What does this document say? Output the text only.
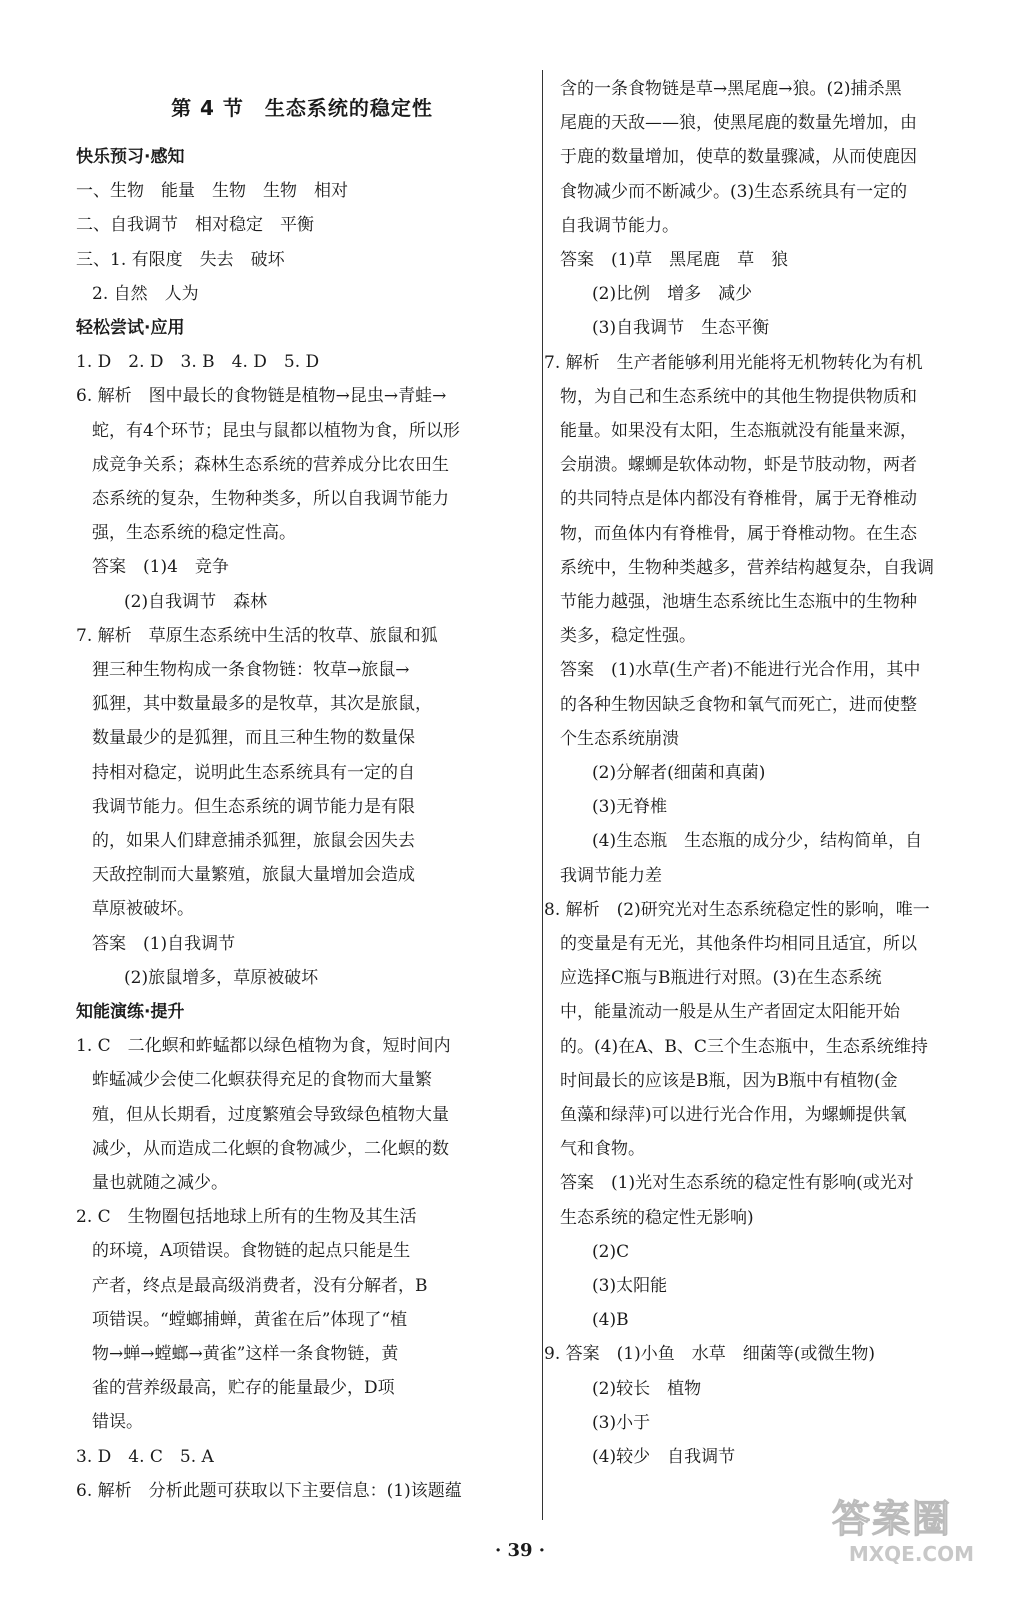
第 4 节　生态系统的稳定性
快乐预习·感知
一、生物　能量　生物　生物　相对
二、自我调节　相对稳定　平衡
三、1. 有限度　失去　破坏
2. 自然　人为
轻松尝试·应用
1. D　2. D　3. B　4. D　5. D
6. 解析　图中最长的食物链是植物→昆虫→青蛙→
蛇，有4个环节；昆虫与鼠都以植物为食，所以形
成竞争关系；森林生态系统的营养成分比农田生
态系统的复杂，生物种类多，所以自我调节能力
强，生态系统的稳定性高。
答案　(1)4　竞争
(2)自我调节　森林
7. 解析　草原生态系统中生活的牧草、旅鼠和狐
狸三种生物构成一条食物链：牧草→旅鼠→
狐狸，其中数量最多的是牧草，其次是旅鼠，
数量最少的是狐狸，而且三种生物的数量保
持相对稳定，说明此生态系统具有一定的自
我调节能力。但生态系统的调节能力是有限
的，如果人们肆意捕杀狐狸，旅鼠会因失去
天敌控制而大量繁殖，旅鼠大量增加会造成
草原被破坏。
答案　(1)自我调节
(2)旅鼠增多，草原被破坏
知能演练·提升
1. C　二化螟和蚱蜢都以绿色植物为食，短时间内
蚱蜢减少会使二化螟获得充足的食物而大量繁
殖，但从长期看，过度繁殖会导致绿色植物大量
减少，从而造成二化螟的食物减少，二化螟的数
量也就随之减少。
2. C　生物圈包括地球上所有的生物及其生活
的环境，A项错误。食物链的起点只能是生
产者，终点是最高级消费者，没有分解者，B
项错误。“螳螂捕蝉，黄雀在后”体现了“植
物→蝉→螳螂→黄雀”这样一条食物链，黄
雀的营养级最高，贮存的能量最少，D项
错误。
3. D　4. C　5. A
6. 解析　分析此题可获取以下主要信息：(1)该题蕴
含的一条食物链是草→黑尾鹿→狼。(2)捕杀黑
尾鹿的天敌——狼，使黑尾鹿的数量先增加，由
于鹿的数量增加，使草的数量骤减，从而使鹿因
食物减少而不断减少。(3)生态系统具有一定的
自我调节能力。
答案　(1)草　黑尾鹿　草　狼
(2)比例　增多　减少
(3)自我调节　生态平衡
7. 解析　生产者能够利用光能将无机物转化为有机
物，为自己和生态系统中的其他生物提供物质和
能量。如果没有太阳，生态瓶就没有能量来源，
会崩溃。螺蛳是软体动物，虾是节肢动物，两者
的共同特点是体内都没有脊椎骨，属于无脊椎动
物，而鱼体内有脊椎骨，属于脊椎动物。在生态
系统中，生物种类越多，营养结构越复杂，自我调
节能力越强，池塘生态系统比生态瓶中的生物种
类多，稳定性强。
答案　(1)水草(生产者)不能进行光合作用，其中
的各种生物因缺乏食物和氧气而死亡，进而使整
个生态系统崩溃
(2)分解者(细菌和真菌)
(3)无脊椎
(4)生态瓶　生态瓶的成分少，结构简单，自
我调节能力差
8. 解析　(2)研究光对生态系统稳定性的影响，唯一
的变量是有无光，其他条件均相同且适宜，所以
应选择C瓶与B瓶进行对照。(3)在生态系统
中，能量流动一般是从生产者固定太阳能开始
的。(4)在A、B、C三个生态瓶中，生态系统维持
时间最长的应该是B瓶，因为B瓶中有植物(金
鱼藻和绿萍)可以进行光合作用，为螺蛳提供氧
气和食物。
答案　(1)光对生态系统的稳定性有影响(或光对
生态系统的稳定性无影响)
(2)C
(3)太阳能
(4)B
9. 答案　(1)小鱼　水草　细菌等(或微生物)
(2)较长　植物
(3)小于
(4)较少　自我调节
· 39 ·
答案圈
MXQE.COM
